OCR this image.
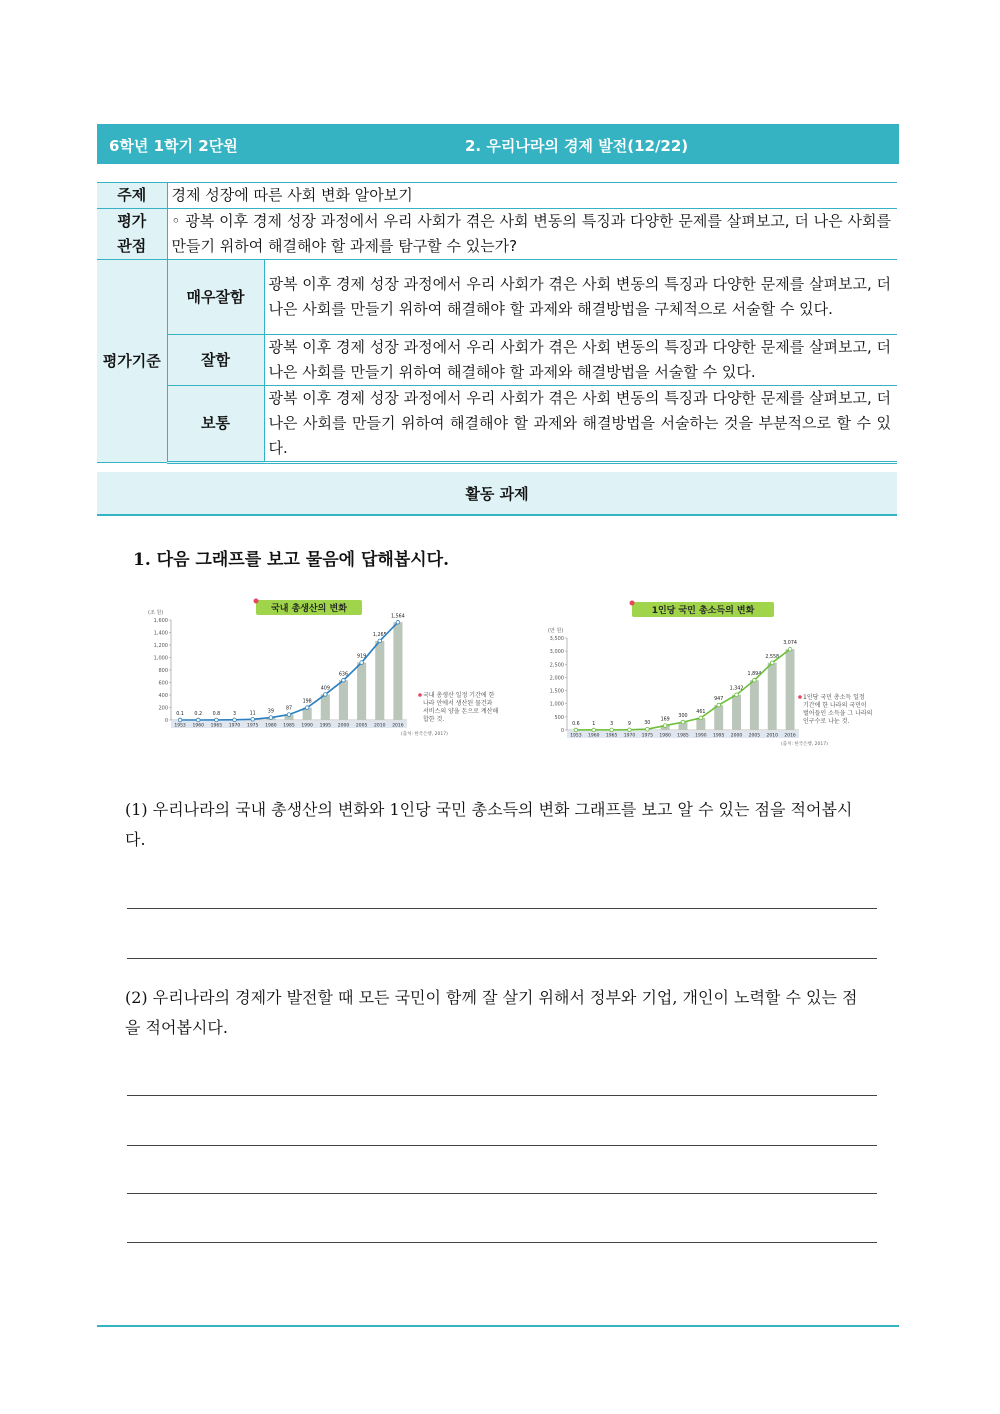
6학년 1학기 2단원	2. 우리나라의 경제 발전(12/22)
주제	경제 성장에 따른 사회 변화 알아보기	

평가
관점	◦ 광복 이후 경제 성장 과정에서 우리 사회가 겪은 사회 변동의 특징과 다양한 문제를 살펴보고, 더 나은 사회를 만들기 위하여 해결해야 할 과제를 탐구할 수 있는가?	
평가기준	매우잘함	광복 이후 경제 성장 과정에서 우리 사회가 겪은 사회 변동의 특징과 다양한 문제를 살펴보고, 더 나은 사회를 만들기 위하여 해결해야 할 과제와 해결방법을 구체적으로 서술할 수 있다.
	잘함	광복 이후 경제 성장 과정에서 우리 사회가 겪은 사회 변동의 특징과 다양한 문제를 살펴보고, 더 나은 사회를 만들기 위하여 해결해야 할 과제와 해결방법을 서술할 수 있다.
	보통	광복 이후 경제 성장 과정에서 우리 사회가 겪은 사회 변동의 특징과 다양한 문제를 살펴보고, 더 나은 사회를 만들기 위하여 해결해야 할 과제와 해결방법을 서술하는 것을 부분적으로 할 수 있다.
활동 과제
1. 다음 그래프를 보고 물음에 답해봅시다.
국내 총생산의 변화
(조 원)
0
200
400
600
800
1,000
1,200
1,400
1,600
1953
0.1
1960
0.2
1965
0.8
1970
3
1975
11
1980
39
1985
87
1990
198
1995
409
2000
636
2005
919
2010
1,265
2016
1,564
국내 총생산 일정 기간에 한 나라 안에서 생산된 물건과 서비스의 양을 돈으로 계산해 합한 것.
(출처: 한국은행, 2017)
1인당 국민 총소득의 변화
(만 원)
0
500
1,000
1,500
2,000
2,500
3,000
3,500
1953
0.6
1960
1
1965
3
1970
9
1975
30
1980
169
1985
300
1990
461
1995
947
2000
1,342
2005
1,894
2010
2,558
2016
3,074
1인당 국민 총소득 일정 기간에 한 나라의 국민이 벌어들인 소득을 그 나라의 인구수로 나눈 것.
(출처: 한국은행, 2017)
(1) 우리나라의 국내 총생산의 변화와 1인당 국민 총소득의 변화 그래프를 보고 알 수 있는 점을 적어봅시다.
(2) 우리나라의 경제가 발전할 때 모든 국민이 함께 잘 살기 위해서 정부와 기업, 개인이 노력할 수 있는 점을 적어봅시다.
